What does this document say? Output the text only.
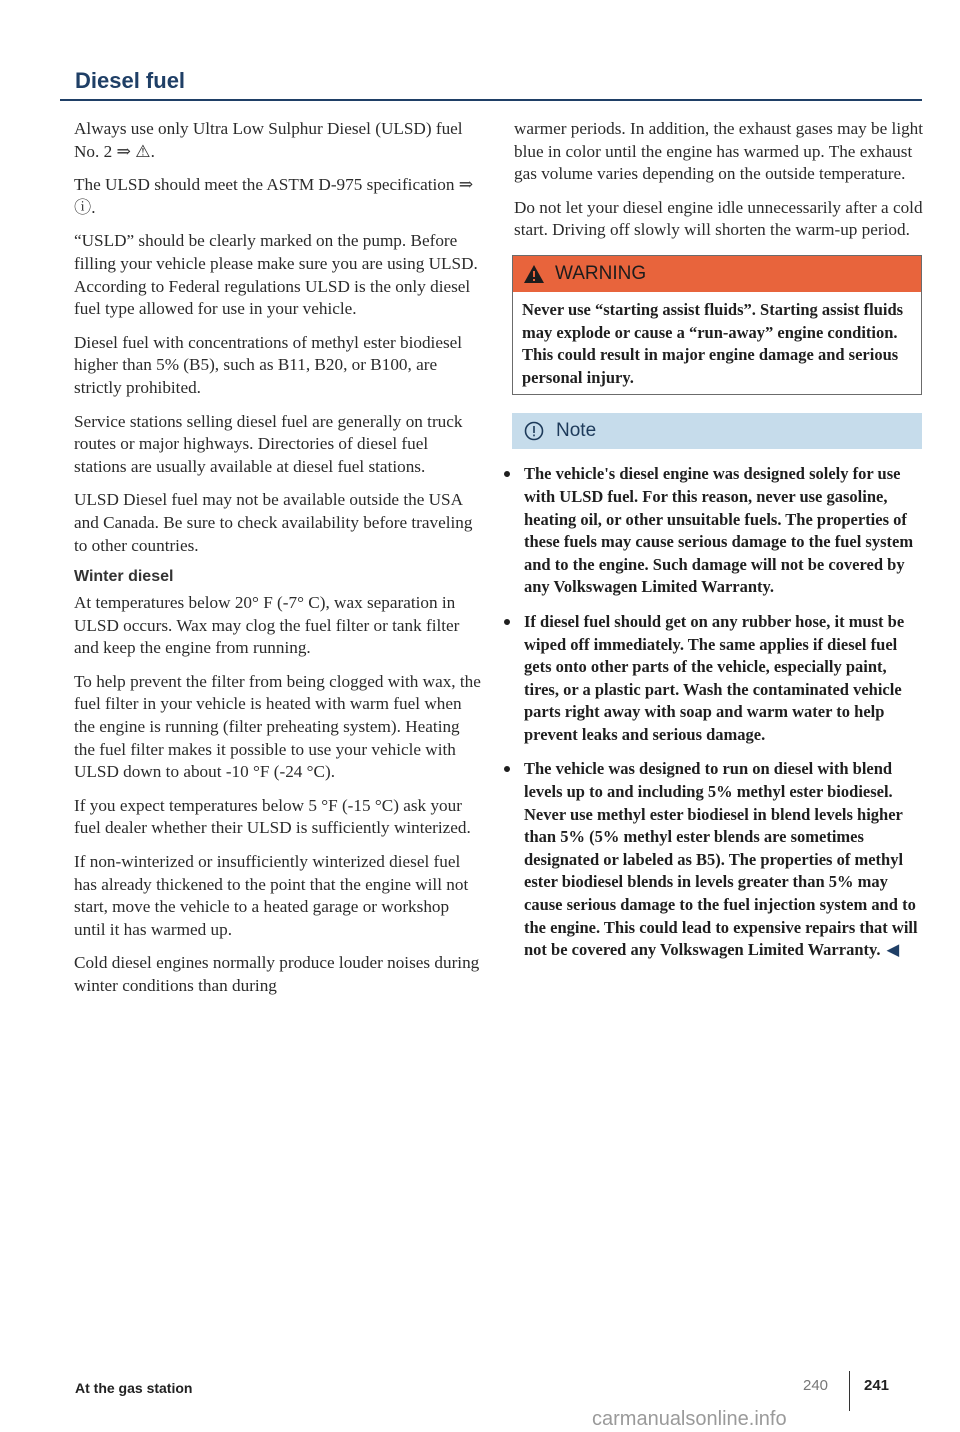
Diesel fuel

Always use only Ultra Low Sulphur Diesel (ULSD) fuel No. 2 ⇒ ⚠.

The ULSD should meet the ASTM D-975 specification ⇒ ⓘ.

“USLD” should be clearly marked on the pump. Before filling your vehicle please make sure you are using ULSD. According to Federal regulations ULSD is the only diesel fuel type allowed for use in your vehicle.

Diesel fuel with concentrations of methyl ester biodiesel higher than 5% (B5), such as B11, B20, or B100, are strictly prohibited.

Service stations selling diesel fuel are generally on truck routes or major highways. Directories of diesel fuel stations are usually available at diesel fuel stations.

ULSD Diesel fuel may not be available outside the USA and Canada. Be sure to check availability before traveling to other countries.

Winter diesel

At temperatures below 20° F (-7° C), wax separation in ULSD occurs. Wax may clog the fuel filter or tank filter and keep the engine from running.

To help prevent the filter from being clogged with wax, the fuel filter in your vehicle is heated with warm fuel when the engine is running (filter preheating system). Heating the fuel filter makes it possible to use your vehicle with ULSD down to about -10 °F (-24 °C).

If you expect temperatures below 5 °F (-15 °C) ask your fuel dealer whether their ULSD is sufficiently winterized.

If non-winterized or insufficiently winterized diesel fuel has already thickened to the point that the engine will not start, move the vehicle to a heated garage or workshop until it has warmed up.

Cold diesel engines normally produce louder noises during winter conditions than during

warmer periods. In addition, the exhaust gases may be light blue in color until the engine has warmed up. The exhaust gas volume varies depending on the outside temperature.

Do not let your diesel engine idle unnecessarily after a cold start. Driving off slowly will shorten the warm-up period.

WARNING
Never use “starting assist fluids”. Starting assist fluids may explode or cause a “run-away” engine condition. This could result in major engine damage and serious personal injury.
Note
The vehicle's diesel engine was designed solely for use with ULSD fuel. For this reason, never use gasoline, heating oil, or other unsuitable fuels. The properties of these fuels may cause serious damage to the fuel system and to the engine. Such damage will not be covered by any Volkswagen Limited Warranty.
If diesel fuel should get on any rubber hose, it must be wiped off immediately. The same applies if diesel fuel gets onto other parts of the vehicle, especially paint, tires, or a plastic part. Wash the contaminated vehicle parts right away with soap and warm water to help prevent leaks and serious damage.
The vehicle was designed to run on diesel with blend levels up to and including 5% methyl ester biodiesel. Never use methyl ester biodiesel in blend levels higher than 5% (5% methyl ester blends are sometimes designated or labeled as B5). The properties of methyl ester biodiesel blends in levels greater than 5% may cause serious damage to the fuel injection system and to the engine. This could lead to expensive repairs that will not be covered any Volkswagen Limited Warranty. ◀
At the gas station	240 241
carmanualsonline.info
